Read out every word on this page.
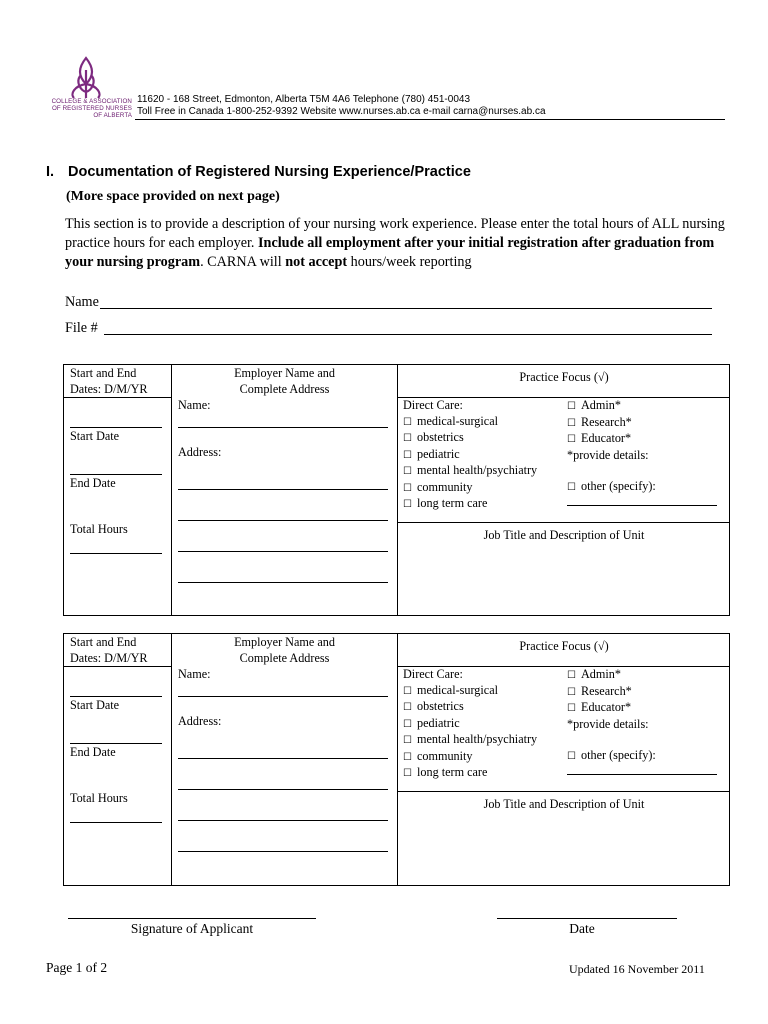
COLLEGE & ASSOCIATION
OF REGISTERED NURSES
OF ALBERTA
11620 - 168 Street, Edmonton, Alberta T5M 4A6 Telephone (780) 451-0043
Toll Free in Canada 1-800-252-9392 Website www.nurses.ab.ca e-mail carna@nurses.ab.ca
I. Documentation of Registered Nursing Experience/Practice
(More space provided on next page)
This section is to provide a description of your nursing work experience. Please enter the total hours of ALL nursing practice hours for each employer. Include all employment after your initial registration after graduation from your nursing program. CARNA will not accept hours/week reporting
Name
File #
Start and End
Dates: D/M/YR
Employer Name and
Complete Address
Practice Focus (√)
Start Date
End Date
Total Hours
Name:
Address:
Direct Care:
☐ medical-surgical
☐ obstetrics
☐ pediatric
☐ mental health/psychiatry
☐ community
☐ long term care
☐ Admin*
☐ Research*
☐ Educator*
*provide details:
☐ other (specify):
Job Title and Description of Unit
Start and End
Dates: D/M/YR
Employer Name and
Complete Address
Practice Focus (√)
Start Date
End Date
Total Hours
Name:
Address:
Direct Care:
☐ medical-surgical
☐ obstetrics
☐ pediatric
☐ mental health/psychiatry
☐ community
☐ long term care
☐ Admin*
☐ Research*
☐ Educator*
*provide details:
☐ other (specify):
Job Title and Description of Unit
Signature of Applicant	Date
Page 1 of 2	Updated 16 November 2011
